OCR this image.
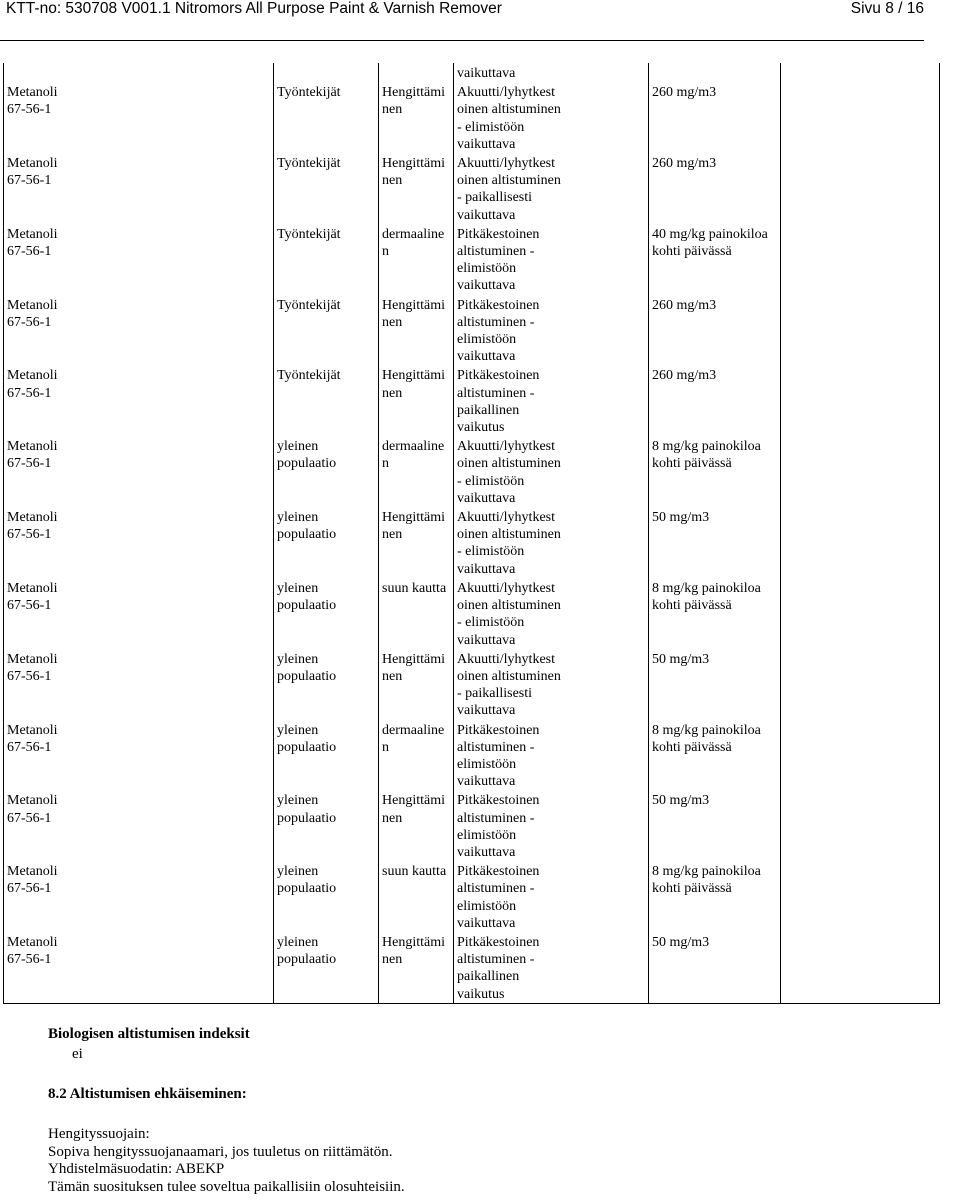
KTT-no: 530708 V001.1 Nitromors All Purpose Paint & Varnish Remover	Sivu 8 / 16
			vaikuttava		
Metanoli
67-56-1	Työntekijät	Hengittämi
nen	Akuutti/lyhytkest
oinen altistuminen
- elimistöön
vaikuttava	260 mg/m3	
Metanoli
67-56-1	Työntekijät	Hengittämi
nen	Akuutti/lyhytkest
oinen altistuminen
- paikallisesti
vaikuttava	260 mg/m3	
Metanoli
67-56-1	Työntekijät	dermaaline
n	Pitkäkestoinen
altistuminen -
elimistöön
vaikuttava	40 mg/kg painokiloa
kohti päivässä	
Metanoli
67-56-1	Työntekijät	Hengittämi
nen	Pitkäkestoinen
altistuminen -
elimistöön
vaikuttava	260 mg/m3	
Metanoli
67-56-1	Työntekijät	Hengittämi
nen	Pitkäkestoinen
altistuminen -
paikallinen
vaikutus	260 mg/m3	
Metanoli
67-56-1	yleinen
populaatio	dermaaline
n	Akuutti/lyhytkest
oinen altistuminen
- elimistöön
vaikuttava	8 mg/kg painokiloa
kohti päivässä	
Metanoli
67-56-1	yleinen
populaatio	Hengittämi
nen	Akuutti/lyhytkest
oinen altistuminen
- elimistöön
vaikuttava	50 mg/m3	
Metanoli
67-56-1	yleinen
populaatio	suun kautta	Akuutti/lyhytkest
oinen altistuminen
- elimistöön
vaikuttava	8 mg/kg painokiloa
kohti päivässä	
Metanoli
67-56-1	yleinen
populaatio	Hengittämi
nen	Akuutti/lyhytkest
oinen altistuminen
- paikallisesti
vaikuttava	50 mg/m3	
Metanoli
67-56-1	yleinen
populaatio	dermaaline
n	Pitkäkestoinen
altistuminen -
elimistöön
vaikuttava	8 mg/kg painokiloa
kohti päivässä	
Metanoli
67-56-1	yleinen
populaatio	Hengittämi
nen	Pitkäkestoinen
altistuminen -
elimistöön
vaikuttava	50 mg/m3	
Metanoli
67-56-1	yleinen
populaatio	suun kautta	Pitkäkestoinen
altistuminen -
elimistöön
vaikuttava	8 mg/kg painokiloa
kohti päivässä	
Metanoli
67-56-1	yleinen
populaatio	Hengittämi
nen	Pitkäkestoinen
altistuminen -
paikallinen
vaikutus	50 mg/m3	
Biologisen altistumisen indeksit
ei
8.2 Altistumisen ehkäiseminen:
Hengityssuojain:
Sopiva hengityssuojanaamari, jos tuuletus on riittämätön.
Yhdistelmäsuodatin: ABEKP
Tämän suosituksen tulee soveltua paikallisiin olosuhteisiin.
